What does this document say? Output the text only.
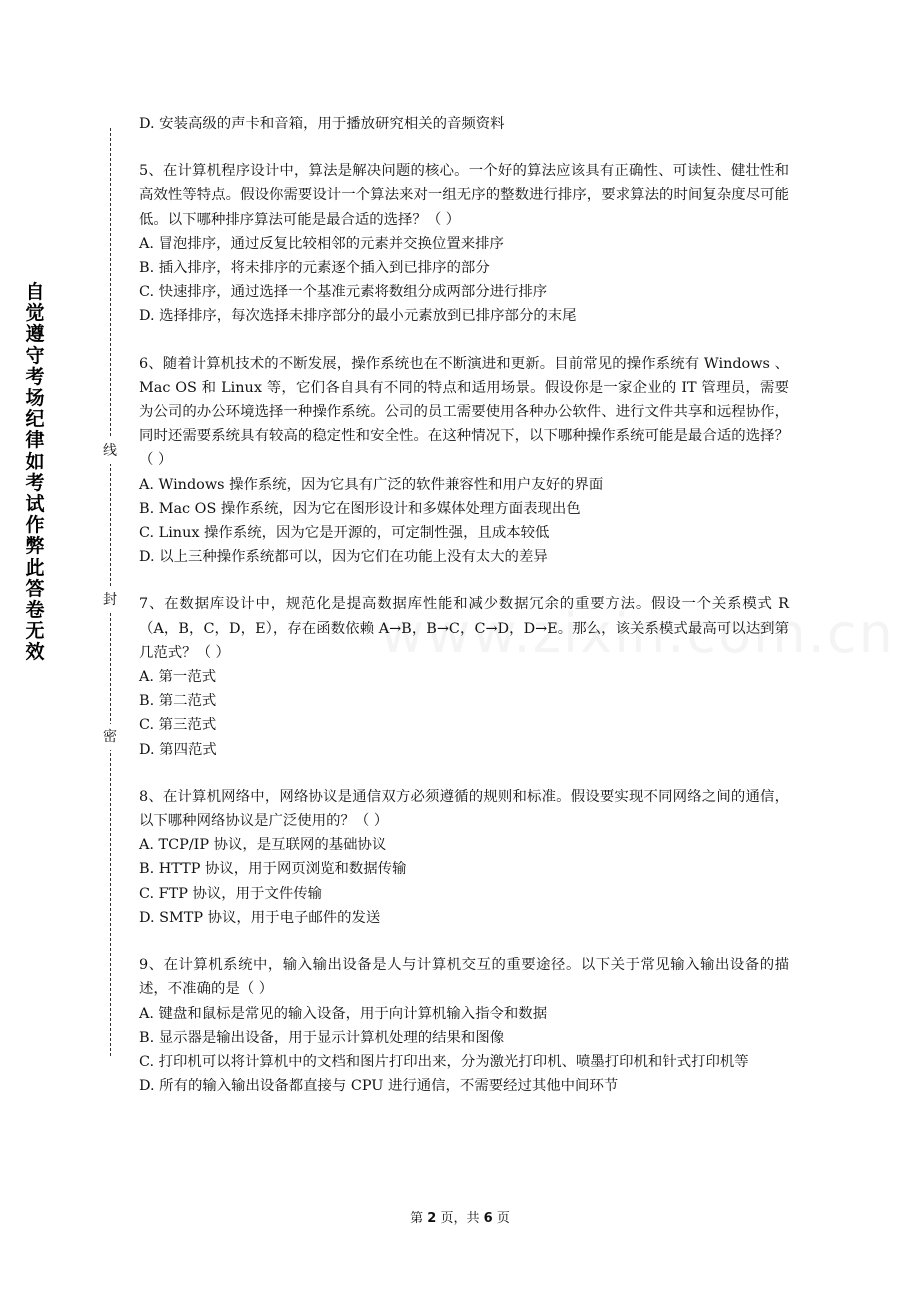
自觉遵守考场纪律如考试作弊此答卷无效
线
封
密

D. 安装高级的声卡和音箱，用于播放研究相关的音频资料

5、在计算机程序设计中，算法是解决问题的核心。一个好的算法应该具有正确性、可读性、健壮性和高效性等特点。假设你需要设计一个算法来对一组无序的整数进行排序，要求算法的时间复杂度尽可能低。以下哪种排序算法可能是最合适的选择？（ ）

A. 冒泡排序，通过反复比较相邻的元素并交换位置来排序

B. 插入排序，将未排序的元素逐个插入到已排序的部分

C. 快速排序，通过选择一个基准元素将数组分成两部分进行排序

D. 选择排序，每次选择未排序部分的最小元素放到已排序部分的末尾

6、随着计算机技术的不断发展，操作系统也在不断演进和更新。目前常见的操作系统有 Windows 、Mac OS 和 Linux 等，它们各自具有不同的特点和适用场景。假设你是一家企业的 IT 管理员，需要为公司的办公环境选择一种操作系统。公司的员工需要使用各种办公软件、进行文件共享和远程协作，同时还需要系统具有较高的稳定性和安全性。在这种情况下，以下哪种操作系统可能是最合适的选择？（ ）

A. Windows 操作系统，因为它具有广泛的软件兼容性和用户友好的界面

B. Mac OS 操作系统，因为它在图形设计和多媒体处理方面表现出色

C. Linux 操作系统，因为它是开源的，可定制性强，且成本较低

D. 以上三种操作系统都可以，因为它们在功能上没有太大的差异

7、在数据库设计中，规范化是提高数据库性能和减少数据冗余的重要方法。假设一个关系模式 R（A，B，C，D，E），存在函数依赖 A→B，B→C，C→D，D→E。那么，该关系模式最高可以达到第几范式？（ ）

A. 第一范式

B. 第二范式

C. 第三范式

D. 第四范式

8、在计算机网络中，网络协议是通信双方必须遵循的规则和标准。假设要实现不同网络之间的通信，以下哪种网络协议是广泛使用的？（ ）

A. TCP/IP 协议，是互联网的基础协议

B. HTTP 协议，用于网页浏览和数据传输

C. FTP 协议，用于文件传输

D. SMTP 协议，用于电子邮件的发送

9、在计算机系统中，输入输出设备是人与计算机交互的重要途径。以下关于常见输入输出设备的描述，不准确的是（ ）

A. 键盘和鼠标是常见的输入设备，用于向计算机输入指令和数据

B. 显示器是输出设备，用于显示计算机处理的结果和图像

C. 打印机可以将计算机中的文档和图片打印出来，分为激光打印机、喷墨打印机和针式打印机等

D. 所有的输入输出设备都直接与 CPU 进行通信，不需要经过其他中间环节

第 2 页，共 6 页
